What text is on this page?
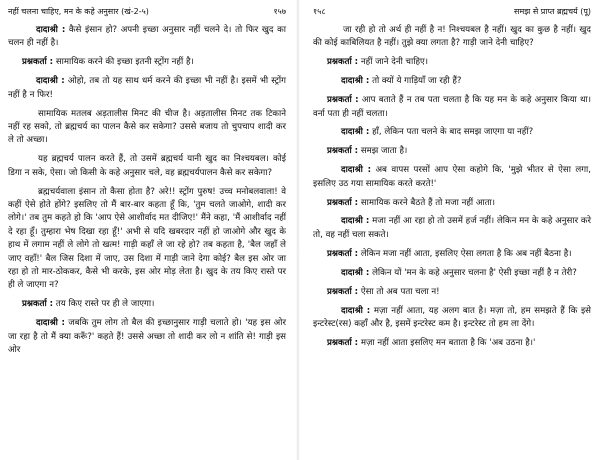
नहीं चलना चाहिए, मन के कहे अनुसार (खं-2-५)	१५७

दादाश्री : कैसे इंसान हो? अपनी इच्छा अनुसार नहीं चलने दे। तो फिर खुद का चलन ही नहीं है।

प्रश्नकर्ता : सामायिक करने की इच्छा इतनी स्ट्रोंग नहीं है।

दादाश्री : ओहो, तब तो यह साथ धर्म करने की इच्छा भी नहीं है। इसमें भी स्ट्रोंग नहीं है न फिर!

सामायिक मतलब अड़तालीस मिनट की चीज है। अड़तालीस मिनट तक टिकाने नहीं रह सको, तो ब्रह्मचर्य का पालन कैसे कर सकेगा? उससे बजाय तो चुपचाप शादी कर ले तो अच्छा।

यह ब्रह्मचर्य पालन करते हैं, तो उसमें ब्रह्मचर्य यानी खुद का निश्चयबल। कोई डिगा न सके, ऐसा। जो किसी के कहे अनुसार चले, वह ब्रह्मचर्यपालन कैसे कर सकेगा?

ब्रह्मचर्यवाला इंसान तो कैसा होता है? अरे!! स्ट्रोंग पुरुष! उच्च मनोबलवाला! वे कहीं ऐसे होते होंगे? इसलिए तो मैं बार-बार कहता हूँ कि, 'तुम चलते जाओगे, शादी कर लोगे।' तब तुम कहते हो कि 'आप ऐसे आशीर्वाद मत दीजिए!' मैंने कहा, 'मैं आशीर्वाद नहीं दे रहा हूँ। तुम्हारा भेष दिखा रहा हूँ!' अभी से यदि खबरदार नहीं हो जाओगे और खुद के हाथ में लगाम नहीं ले लोगे तो खत्म! गाड़ी कहाँ ले जा रहे हो? तब कहता है, 'बैल जहाँ ले जाए वहाँ!' बैल जिस दिशा में जाए, उस दिशा में गाड़ी जाने देगा कोई? बैल इस ओर जा रहा हो तो मार-ठोककर, कैसे भी करके, इस ओर मोड़ लेता है। खुद के तय किए रास्ते पर ही ले जाएगा न?

प्रश्नकर्ता : तय किए रास्ते पर ही ले जाएगा।

दादाश्री : जबकि तुम लोग तो बैल की इच्छानुसार गाड़ी चलाते हो। 'यह इस ओर जा रहा है तो मैं क्या करूँ?' कहते हैं! उससे अच्छा तो शादी कर लो न शांति से! गाड़ी इस ओर

१५८	समझ से प्राप्त ब्रह्मचर्य (पू)

जा रही हो तो अर्थ ही नहीं है न! निश्चयबल है नहीं। खुद का कुछ है नहीं। खुद की कोई काबिलियत है नहीं। तुझे क्या लगता है? गाड़ी जाने देनी चाहिए?

प्रश्नकर्ता : नहीं जाने देनी चाहिए।

दादाश्री : तो क्यों ये गाड़ियाँ जा रही हैं?

प्रश्नकर्ता : आप बताते हैं न तब पता चलता है कि यह मन के कहे अनुसार किया था। वर्ना पता ही नहीं चलता।

दादाश्री : हाँ, लेकिन पता चलने के बाद समझ जाएगा या नहीं?

प्रश्नकर्ता : समझ जाता है।

दादाश्री : अब वापस परसों आप ऐसा कहोगे कि, 'मुझे भीतर से ऐसा लगा, इसलिए उठ गया सामायिक करते करते!'

प्रश्नकर्ता : सामायिक करने बैठते हैं तो मजा नहीं आता।

दादाश्री : मजा नहीं आ रहा हो तो उसमें हर्ज नहीं। लेकिन मन के कहे अनुसार करे तो, वह नहीं चला सकते।

प्रश्नकर्ता : लेकिन मजा नहीं आता, इसलिए ऐसा लगता है कि अब नहीं बैठना है।

दादाश्री : लेकिन यों 'मन के कहे अनुसार चलना है' ऐसी इच्छा नहीं है न तेरी?

प्रश्नकर्ता : ऐसा तो अब पता चला न!

दादाश्री : मज़ा नहीं आता, यह अलग बात है। मज़ा तो, हम समझते हैं कि इसे इन्टरेस्ट(रस) कहाँ और है, इसमें इन्टरेस्ट कम है। इन्टरेस्ट तो हम ला देंगे।

प्रश्नकर्ता : मज़ा नहीं आता इसलिए मन बताता है कि 'अब उठना है।'
